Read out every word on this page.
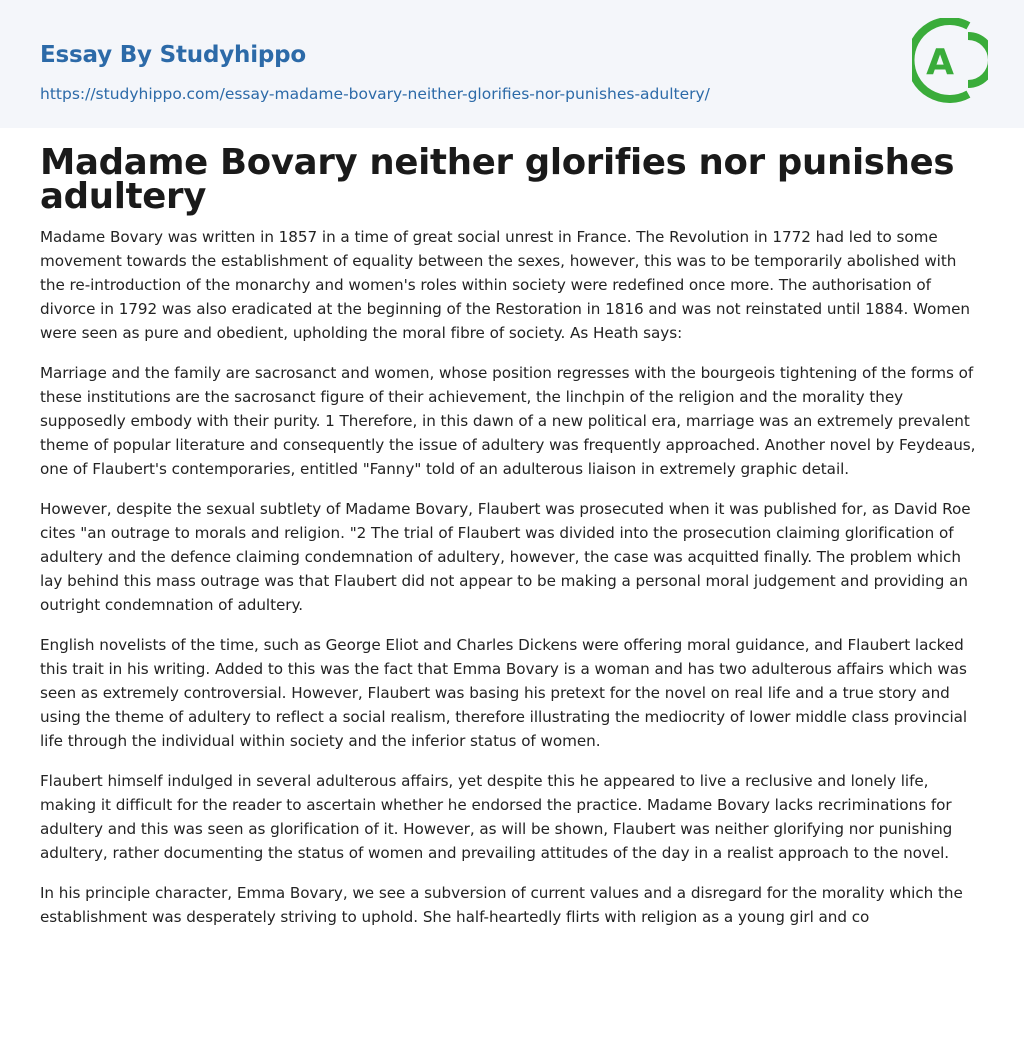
Essay By Studyhippo
https://studyhippo.com/essay-madame-bovary-neither-glorifies-nor-punishes-adultery/
A
Madame Bovary neither glorifies nor punishes adultery

Madame Bovary was written in 1857 in a time of great social unrest in France. The Revolution in 1772 had led to some movement towards the establishment of equality between the sexes, however, this was to be temporarily abolished with the re-introduction of the monarchy and women's roles within society were redefined once more. The authorisation of divorce in 1792 was also eradicated at the beginning of the Restoration in 1816 and was not reinstated until 1884. Women were seen as pure and obedient, upholding the moral fibre of society. As Heath says:

Marriage and the family are sacrosanct and women, whose position regresses with the bourgeois tightening of the forms of these institutions are the sacrosanct figure of their achievement, the linchpin of the religion and the morality they supposedly embody with their purity. 1 Therefore, in this dawn of a new political era, marriage was an extremely prevalent theme of popular literature and consequently the issue of adultery was frequently approached. Another novel by Feydeaus, one of Flaubert's contemporaries, entitled "Fanny" told of an adulterous liaison in extremely graphic detail.

However, despite the sexual subtlety of Madame Bovary, Flaubert was prosecuted when it was published for, as David Roe cites "an outrage to morals and religion. "2 The trial of Flaubert was divided into the prosecution claiming glorification of adultery and the defence claiming condemnation of adultery, however, the case was acquitted finally. The problem which lay behind this mass outrage was that Flaubert did not appear to be making a personal moral judgement and providing an outright condemnation of adultery.

English novelists of the time, such as George Eliot and Charles Dickens were offering moral guidance, and Flaubert lacked this trait in his writing. Added to this was the fact that Emma Bovary is a woman and has two adulterous affairs which was seen as extremely controversial. However, Flaubert was basing his pretext for the novel on real life and a true story and using the theme of adultery to reflect a social realism, therefore illustrating the mediocrity of lower middle class provincial life through the individual within society and the inferior status of women.

Flaubert himself indulged in several adulterous affairs, yet despite this he appeared to live a reclusive and lonely life, making it difficult for the reader to ascertain whether he endorsed the practice. Madame Bovary lacks recriminations for adultery and this was seen as glorification of it. However, as will be shown, Flaubert was neither glorifying nor punishing adultery, rather documenting the status of women and prevailing attitudes of the day in a realist approach to the novel.

In his principle character, Emma Bovary, we see a subversion of current values and a disregard for the morality which the establishment was desperately striving to uphold. She half-heartedly flirts with religion as a young girl and co
